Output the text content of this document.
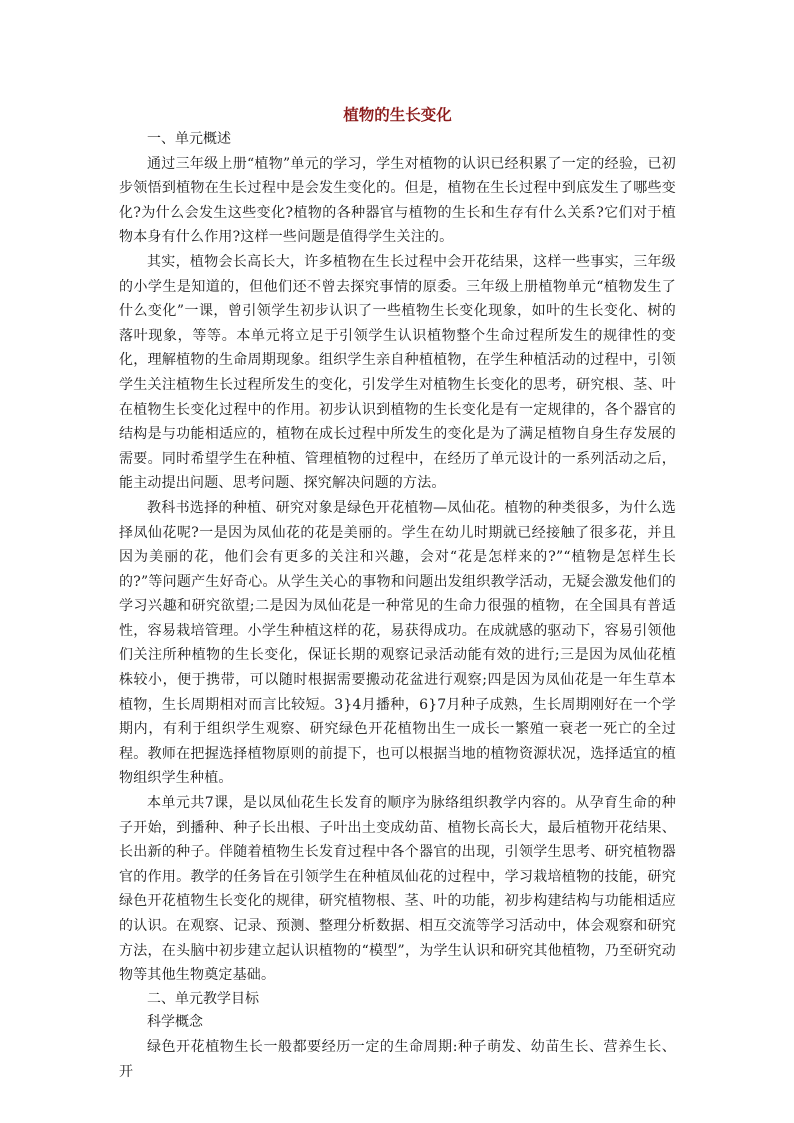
植物的生长变化

一、单元概述

通过三年级上册“植物”单元的学习，学生对植物的认识已经积累了一定的经验，已初步领悟到植物在生长过程中是会发生变化的。但是，植物在生长过程中到底发生了哪些变化?为什么会发生这些变化?植物的各种器官与植物的生长和生存有什么关系?它们对于植物本身有什么作用?这样一些问题是值得学生关注的。

其实，植物会长高长大，许多植物在生长过程中会开花结果，这样一些事实，三年级的小学生是知道的，但他们还不曾去探究事情的原委。三年级上册植物单元“植物发生了什么变化”一课，曾引领学生初步认识了一些植物生长变化现象，如叶的生长变化、树的落叶现象，等等。本单元将立足于引领学生认识植物整个生命过程所发生的规律性的变化，理解植物的生命周期现象。组织学生亲自种植植物，在学生种植活动的过程中，引领学生关注植物生长过程所发生的变化，引发学生对植物生长变化的思考，研究根、茎、叶在植物生长变化过程中的作用。初步认识到植物的生长变化是有一定规律的，各个器官的结构是与功能相适应的，植物在成长过程中所发生的变化是为了满足植物自身生存发展的需要。同时希望学生在种植、管理植物的过程中，在经历了单元设计的一系列活动之后，能主动提出问题、思考问题、探究解决问题的方法。

教科书选择的种植、研究对象是绿色开花植物—凤仙花。植物的种类很多，为什么选择凤仙花呢?一是因为凤仙花的花是美丽的。学生在幼儿时期就已经接触了很多花，并且因为美丽的花，他们会有更多的关注和兴趣，会对“花是怎样来的?”“植物是怎样生长的?”等问题产生好奇心。从学生关心的事物和问题出发组织教学活动，无疑会激发他们的学习兴趣和研究欲望;二是因为凤仙花是一种常见的生命力很强的植物，在全国具有普适性，容易栽培管理。小学生种植这样的花，易获得成功。在成就感的驱动下，容易引领他们关注所种植物的生长变化，保证长期的观察记录活动能有效的进行;三是因为凤仙花植株较小，便于携带，可以随时根据需要搬动花盆进行观察;四是因为凤仙花是一年生草本植物，生长周期相对而言比较短。3}4月播种，6}7月种子成熟，生长周期刚好在一个学期内，有利于组织学生观察、研究绿色开花植物出生一成长一繁殖一衰老一死亡的全过程。教师在把握选择植物原则的前提下，也可以根据当地的植物资源状况，选择适宜的植物组织学生种植。

本单元共7课，是以凤仙花生长发育的顺序为脉络组织教学内容的。从孕育生命的种子开始，到播种、种子长出根、子叶出土变成幼苗、植物长高长大，最后植物开花结果、长出新的种子。伴随着植物生长发育过程中各个器官的出现，引领学生思考、研究植物器官的作用。教学的任务旨在引领学生在种植凤仙花的过程中，学习栽培植物的技能，研究绿色开花植物生长变化的规律，研究植物根、茎、叶的功能，初步构建结构与功能相适应的认识。在观察、记录、预测、整理分析数据、相互交流等学习活动中，体会观察和研究方法，在头脑中初步建立起认识植物的“模型”，为学生认识和研究其他植物，乃至研究动物等其他生物奠定基础。

二、单元教学目标

科学概念

绿色开花植物生长一般都要经历一定的生命周期:种子萌发、幼苗生长、营养生长、开
